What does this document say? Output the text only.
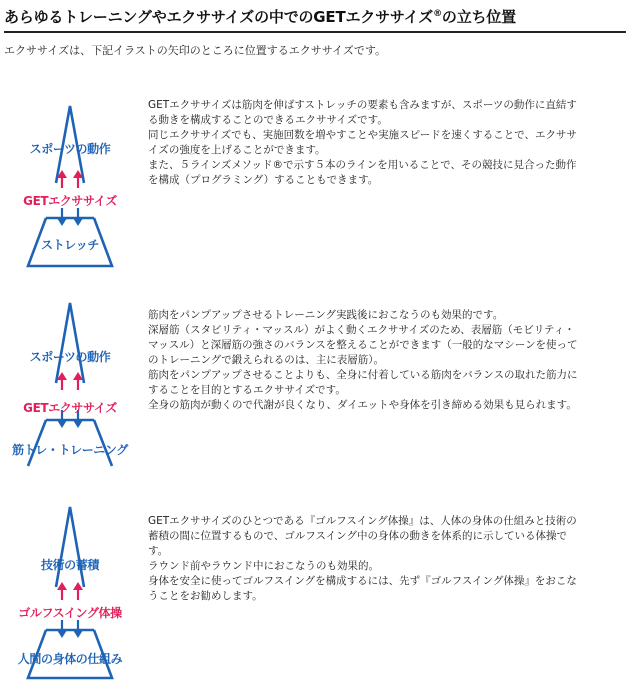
あらゆるトレーニングやエクササイズの中でのGETエクササイズ®の立ち位置
エクササイズは、下記イラストの矢印のところに位置するエクササイズです。
スポーツの動作
GETエクササイズ
ストレッチ

GETエクササイズは筋肉を伸ばすストレッチの要素も含みますが、スポーツの動作に直結す

る動きを構成することのできるエクササイズです。

同じエクササイズでも、実施回数を増やすことや実施スピードを速くすることで、エクササ

イズの強度を上げることができます。

また、５ラインズメソッド®で示す５本のラインを用いることで、その競技に見合った動作

を構成（プログラミング）することもできます。

スポーツの動作
GETエクササイズ
筋トレ・トレーニング

筋肉をパンプアップさせるトレーニング実践後におこなうのも効果的です。

深層筋（スタビリティ・マッスル）がよく動くエクササイズのため、表層筋（モビリティ・

マッスル）と深層筋の強さのバランスを整えることができます（一般的なマシーンを使って

のトレーニングで鍛えられるのは、主に表層筋）。

筋肉をパンプアップさせることよりも、全身に付着している筋肉をバランスの取れた筋力に

することを目的とするエクササイズです。

全身の筋肉が動くので代謝が良くなり、ダイエットや身体を引き締める効果も見られます。

技術の蓄積
ゴルフスイング体操
人間の身体の仕組み

GETエクササイズのひとつである『ゴルフスイング体操』は、人体の身体の仕組みと技術の

蓄積の間に位置するもので、ゴルフスイング中の身体の動きを体系的に示している体操で

す。

ラウンド前やラウンド中におこなうのも効果的。

身体を安全に使ってゴルフスイングを構成するには、先ず『ゴルフスイング体操』をおこな

うことをお勧めします。
